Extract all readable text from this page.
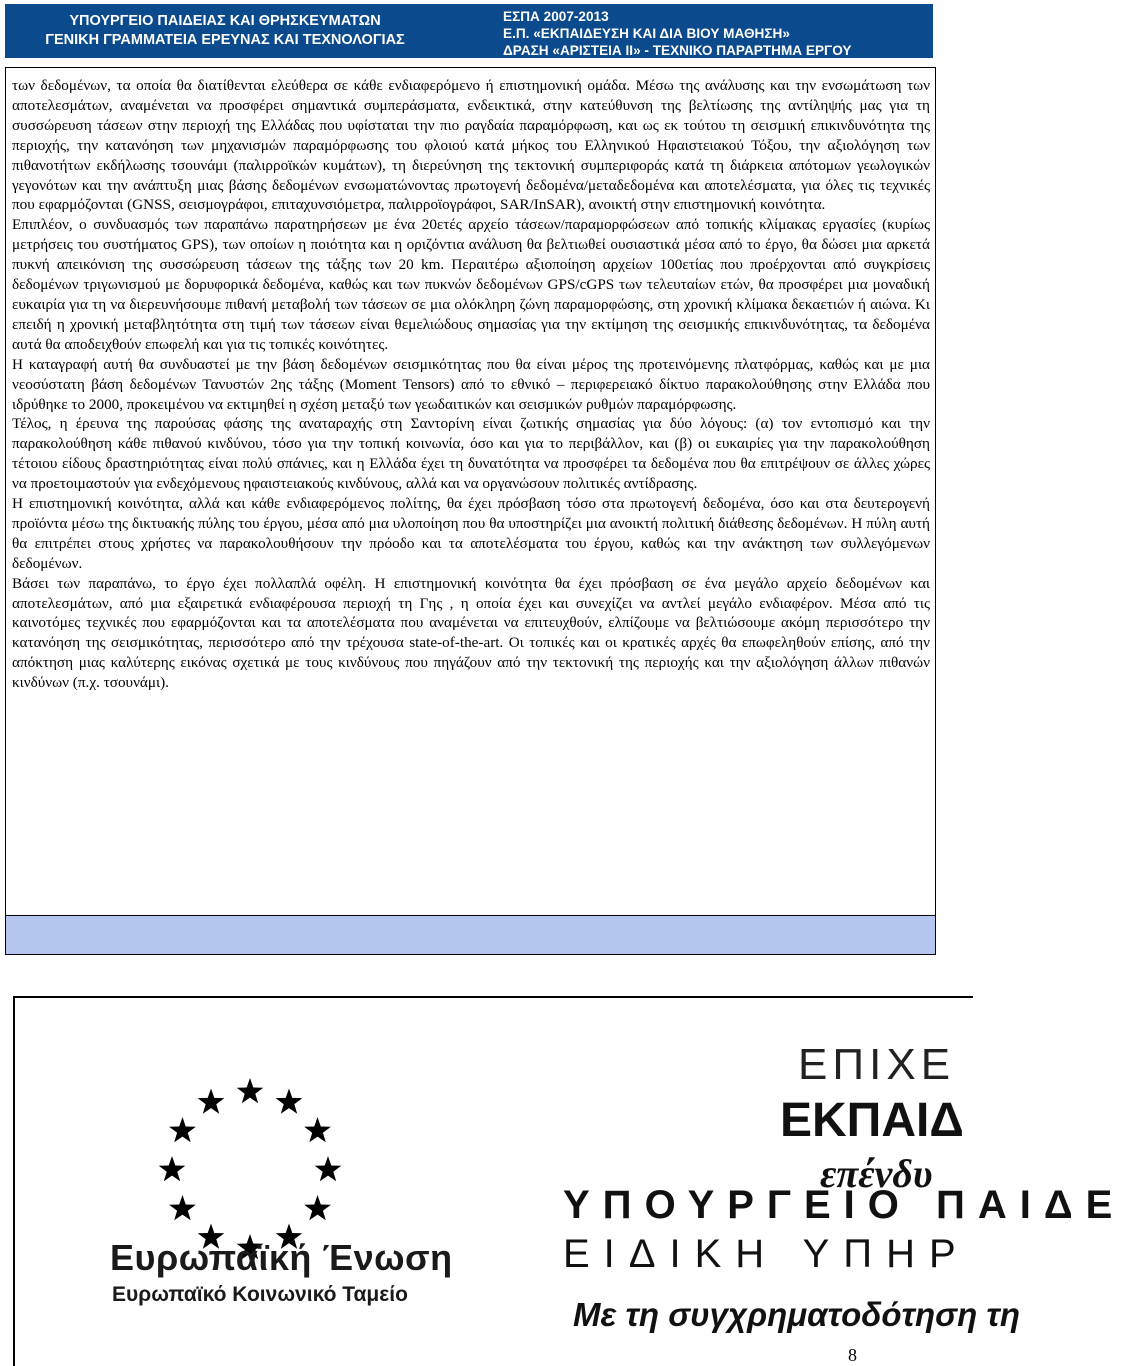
ΥΠΟΥΡΓΕΙΟ ΠΑΙΔΕΙΑΣ ΚΑΙ ΘΡΗΣΚΕΥΜΑΤΩΝ
ΓΕΝΙΚΗ ΓΡΑΜΜΑΤΕΙΑ ΕΡΕΥΝΑΣ ΚΑΙ ΤΕΧΝΟΛΟΓΙΑΣ
ΕΣΠΑ 2007-2013
Ε.Π. «ΕΚΠΑΙΔΕΥΣΗ ΚΑΙ ΔΙΑ ΒΙΟΥ ΜΑΘΗΣΗ»
ΔΡΑΣΗ «ΑΡΙΣΤΕΙΑ ΙΙ» - ΤΕΧΝΙΚΟ ΠΑΡΑΡΤΗΜΑ ΕΡΓΟΥ

των δεδομένων, τα οποία θα διατίθενται ελεύθερα σε κάθε ενδιαφερόμενο ή επιστημονική ομάδα. Μέσω της ανάλυσης και την ενσωμάτωση των αποτελεσμάτων, αναμένεται να προσφέρει σημαντικά συμπεράσματα, ενδεικτικά, στην κατεύθυνση της βελτίωσης της αντίληψής μας για τη συσσώρευση τάσεων στην περιοχή της Ελλάδας που υφίσταται την πιο ραγδαία παραμόρφωση, και ως εκ τούτου τη σεισμική επικινδυνότητα της περιοχής, την κατανόηση των μηχανισμών παραμόρφωσης του φλοιού κατά μήκος του Ελληνικού Ηφαιστειακού Τόξου, την αξιολόγηση των πιθανοτήτων εκδήλωσης τσουνάμι (παλιρροϊκών κυμάτων), τη διερεύνηση της τεκτονική συμπεριφοράς κατά τη διάρκεια απότομων γεωλογικών γεγονότων και την ανάπτυξη μιας βάσης δεδομένων ενσωματώνοντας πρωτογενή δεδομένα/μεταδεδομένα και αποτελέσματα, για όλες τις τεχνικές που εφαρμόζονται (GNSS, σεισμογράφοι, επιταχυνσιόμετρα, παλιρροϊογράφοι, SAR/InSAR), ανοικτή στην επιστημονική κοινότητα.

Επιπλέον, ο συνδυασμός των παραπάνω παρατηρήσεων με ένα 20ετές αρχείο τάσεων/παραμορφώσεων από τοπικής κλίμακας εργασίες (κυρίως μετρήσεις του συστήματος GPS), των οποίων η ποιότητα και η οριζόντια ανάλυση θα βελτιωθεί ουσιαστικά μέσα από το έργο, θα δώσει μια αρκετά πυκνή απεικόνιση της συσσώρευση τάσεων της τάξης των 20 km. Περαιτέρω αξιοποίηση αρχείων 100ετίας που προέρχονται από συγκρίσεις δεδομένων τριγωνισμού με δορυφορικά δεδομένα, καθώς και των πυκνών δεδομένων GPS/cGPS των τελευταίων ετών, θα προσφέρει μια μοναδική ευκαιρία για τη να διερευνήσουμε πιθανή μεταβολή των τάσεων σε μια ολόκληρη ζώνη παραμορφώσης, στη χρονική κλίμακα δεκαετιών ή αιώνα. Κι επειδή η χρονική μεταβλητότητα στη τιμή των τάσεων είναι θεμελιώδους σημασίας για την εκτίμηση της σεισμικής επικινδυνότητας, τα δεδομένα αυτά θα αποδειχθούν επωφελή και για τις τοπικές κοινότητες.

Η καταγραφή αυτή θα συνδυαστεί με την βάση δεδομένων σεισμικότητας που θα είναι μέρος της προτεινόμενης πλατφόρμας, καθώς και με μια νεοσύστατη βάση δεδομένων Τανυστών 2ης τάξης (Moment Tensors) από το εθνικό – περιφερειακό δίκτυο παρακολούθησης στην Ελλάδα που ιδρύθηκε το 2000, προκειμένου να εκτιμηθεί η σχέση μεταξύ των γεωδαιτικών και σεισμικών ρυθμών παραμόρφωσης.

Τέλος, η έρευνα της παρούσας φάσης της αναταραχής στη Σαντορίνη είναι ζωτικής σημασίας για δύο λόγους: (α) τον εντοπισμό και την παρακολούθηση κάθε πιθανού κινδύνου, τόσο για την τοπική κοινωνία, όσο και για το περιβάλλον, και (β) οι ευκαιρίες για την παρακολούθηση τέτοιου είδους δραστηριότητας είναι πολύ σπάνιες, και η Ελλάδα έχει τη δυνατότητα να προσφέρει τα δεδομένα που θα επιτρέψουν σε άλλες χώρες να προετοιμαστούν για ενδεχόμενους ηφαιστειακούς κινδύνους, αλλά και να οργανώσουν πολιτικές αντίδρασης.

Η επιστημονική κοινότητα, αλλά και κάθε ενδιαφερόμενος πολίτης, θα έχει πρόσβαση τόσο στα πρωτογενή δεδομένα, όσο και στα δευτερογενή προϊόντα μέσω της δικτυακής πύλης του έργου, μέσα από μια υλοποίηση που θα υποστηρίζει μια ανοικτή πολιτική διάθεσης δεδομένων. Η πύλη αυτή θα επιτρέπει στους χρήστες να παρακολουθήσουν την πρόοδο και τα αποτελέσματα του έργου, καθώς και την ανάκτηση των συλλεγόμενων δεδομένων.

Βάσει των παραπάνω, το έργο έχει πολλαπλά οφέλη. Η επιστημονική κοινότητα θα έχει πρόσβαση σε ένα μεγάλο αρχείο δεδομένων και αποτελεσμάτων, από μια εξαιρετικά ενδιαφέρουσα περιοχή τη Γης , η οποία έχει και συνεχίζει να αντλεί μεγάλο ενδιαφέρον. Μέσα από τις καινοτόμες τεχνικές που εφαρμόζονται και τα αποτελέσματα που αναμένεται να επιτευχθούν, ελπίζουμε να βελτιώσουμε ακόμη περισσότερο την κατανόηση της σεισμικότητας, περισσότερο από την τρέχουσα state-of-the-art. Οι τοπικές και οι κρατικές αρχές θα επωφεληθούν επίσης, από την απόκτηση μιας καλύτερης εικόνας σχετικά με τους κινδύνους που πηγάζουν από την τεκτονική της περιοχής και την αξιολόγηση άλλων πιθανών κινδύνων (π.χ. τσουνάμι).

Ευρωπαϊκή Ένωση
Ευρωπαϊκό Κοινωνικό Ταμείο
ΕΠΙΧΕ
ΕΚΠΑΙΔ
επένδυ
ΥΠΟΥΡΓΕΙΟ ΠΑΙΔΕ
ΕΙΔΙΚΗ ΥΠΗΡ
Με τη συγχρηματοδότηση τη
8
